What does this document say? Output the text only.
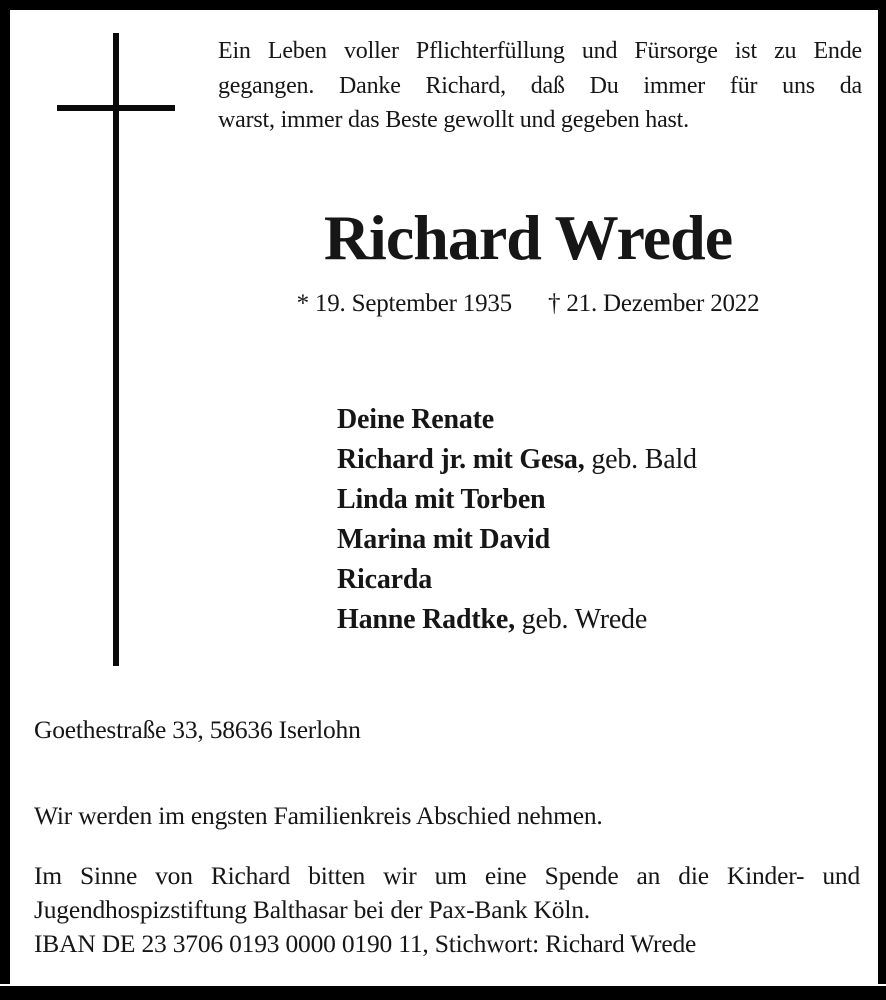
Ein Leben voller Pflichterfüllung und Fürsorge ist zu Ende
gegangen. Danke Richard, daß Du immer für uns da
warst, immer das Beste gewollt und gegeben hast.
Richard Wrede
* 19. September 1935 † 21. Dezember 2022
Deine Renate
Richard jr. mit Gesa, geb. Bald
Linda mit Torben
Marina mit David
Ricarda
Hanne Radtke, geb. Wrede
Goethestraße 33, 58636 Iserlohn
Wir werden im engsten Familienkreis Abschied nehmen.
Im Sinne von Richard bitten wir um eine Spende an die Kinder- und
Jugendhospizstiftung Balthasar bei der Pax-Bank Köln.
IBAN DE 23 3706 0193 0000 0190 11, Stichwort: Richard Wrede
